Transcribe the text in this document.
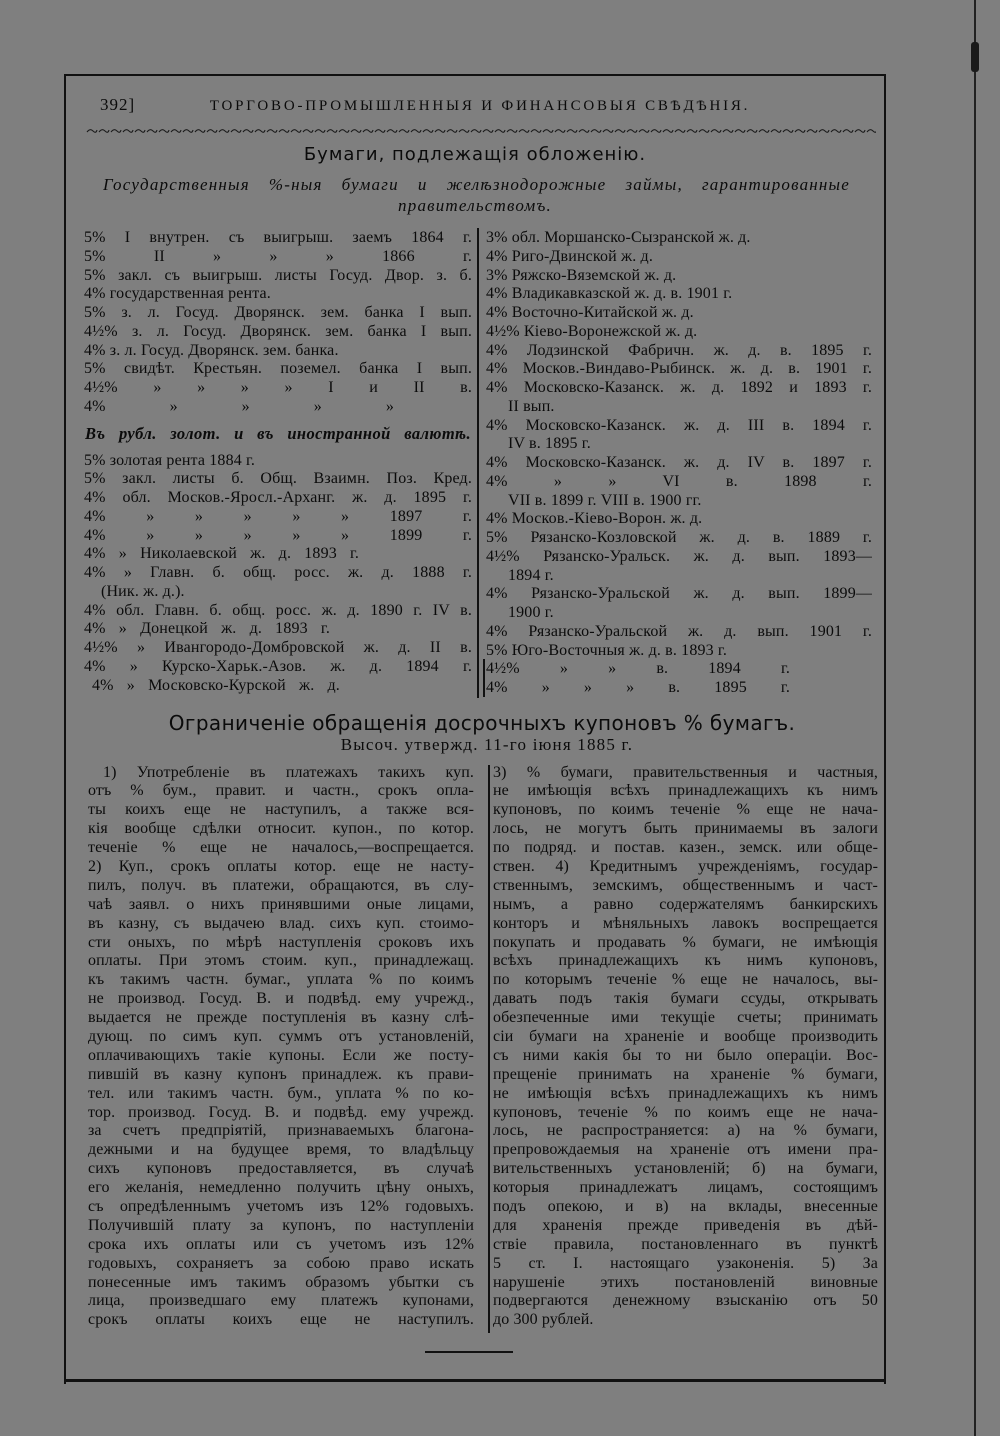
392]	ТОРГОВО-ПРОМЫШЛЕННЫЯ И ФИНАНСОВЫЯ СВѢДѢНІЯ.
Бумаги, подлежащія обложенію.
Государственныя %-ныя бумаги и желѣзнодорожные займы, гарантированные
правительствомъ.
5% I внутрен. съ выигрыш. заемъ 1864 г.
5% II » » » 1866 г.
5% закл. съ выигрыш. листы Госуд. Двор. з. б.
4% государственная рента.
5% з. л. Госуд. Дворянск. зем. банка I вып.
4½% з. л. Госуд. Дворянск. зем. банка I вып.
4% з. л. Госуд. Дворянск. зем. банка.
5% свидѣт. Крестьян. поземел. банка I вып.
4½% » » » » I и II в.
4% » » » »
Въ рубл. золот. и въ иностранной валютѣ.
5% золотая рента 1884 г.
5% закл. листы б. Общ. Взаимн. Поз. Кред.
4% обл. Москов.-Яросл.-Арханг. ж. д. 1895 г.
4% » » » » » 1897 г.
4% » » » » » 1899 г.
4% » Николаевской ж. д. 1893 г.
4% » Главн. б. общ. росс. ж. д. 1888 г.
(Ник. ж. д.).
4% обл. Главн. б. общ. росс. ж. д. 1890 г. IV в.
4% » Донецкой ж. д. 1893 г.
4½% » Ивангородо-Домбровской ж. д. II в.
4% » Курско-Харьк.-Азов. ж. д. 1894 г.
4% » Московско-Курской ж. д.
3% обл. Моршанско-Сызранской ж. д.
4% Риго-Двинской ж. д.
3% Ряжско-Вяземской ж. д.
4% Владикавказской ж. д. в. 1901 г.
4% Восточно-Китайской ж. д.
4½% Кіево-Воронежской ж. д.
4% Лодзинской Фабричн. ж. д. в. 1895 г.
4% Москов.-Виндаво-Рыбинск. ж. д. в. 1901 г.
4% Московско-Казанск. ж. д. 1892 и 1893 г.
II вып.
4% Московско-Казанск. ж. д. III в. 1894 г.
IV в. 1895 г.
4% Московско-Казанск. ж. д. IV в. 1897 г.
4% » » VI в. 1898 г.
VII в. 1899 г. VIII в. 1900 гг.
4% Москов.-Кіево-Ворон. ж. д.
5% Рязанско-Козловской ж. д. в. 1889 г.
4½% Рязанско-Уральск. ж. д. вып. 1893—
1894 г.
4% Рязанско-Уральской ж. д. вып. 1899—
1900 г.
4% Рязанско-Уральской ж. д. вып. 1901 г.
5% Юго-Восточныя ж. д. в. 1893 г.
4½% » » в. 1894 г.
4% » » » в. 1895 г.
Ограниченіе обращенія досрочныхъ купоновъ % бумагъ.
Высоч. утвержд. 11-го іюня 1885 г.
1) Употребленіе въ платежахъ такихъ куп.
отъ % бум., правит. и частн., срокъ опла-
ты коихъ еще не наступилъ, а также вся-
кія вообще сдѣлки относит. купон., по котор.
теченіе % еще не началось,—воспрещается.
2) Куп., срокъ оплаты котор. еще не насту-
пилъ, получ. въ платежи, обращаются, въ слу-
чаѣ заявл. о нихъ принявшими оные лицами,
въ казну, съ выдачею влад. сихъ куп. стоимо-
сти оныхъ, по мѣрѣ наступленія сроковъ ихъ
оплаты. При этомъ стоим. куп., принадлежащ.
къ такимъ частн. бумаг., уплата % по коимъ
не производ. Госуд. В. и подвѣд. ему учрежд.,
выдается не прежде поступленія въ казну слѣ-
дующ. по симъ куп. суммъ отъ установленій,
оплачивающихъ такіе купоны. Если же посту-
пившій въ казну купонъ принадлеж. къ прави-
тел. или такимъ частн. бум., уплата % по ко-
тор. производ. Госуд. В. и подвѣд. ему учрежд.
за счетъ предпріятій, признаваемыхъ благона-
дежными и на будущее время, то владѣльцу
сихъ купоновъ предоставляется, въ случаѣ
его желанія, немедленно получить цѣну оныхъ,
съ опредѣленнымъ учетомъ изъ 12% годовыхъ.
Получившій плату за купонъ, по наступленіи
срока ихъ оплаты или съ учетомъ изъ 12%
годовыхъ, сохраняетъ за собою право искать
понесенные имъ такимъ образомъ убытки съ
лица, произведшаго ему платежъ купонами,
срокъ оплаты коихъ еще не наступилъ.
3) % бумаги, правительственныя и частныя,
не имѣющія всѣхъ принадлежащихъ къ нимъ
купоновъ, по коимъ теченіе % еще не нача-
лось, не могутъ быть принимаемы въ залоги
по подряд. и постав. казен., земск. или обще-
ствен. 4) Кредитнымъ учрежденіямъ, государ-
ственнымъ, земскимъ, общественнымъ и част-
нымъ, а равно содержателямъ банкирскихъ
конторъ и мѣняльныхъ лавокъ воспрещается
покупать и продавать % бумаги, не имѣющія
всѣхъ принадлежащихъ къ нимъ купоновъ,
по которымъ теченіе % еще не началось, вы-
давать подъ такія бумаги ссуды, открывать
обезпеченные ими текущіе счеты; принимать
сіи бумаги на храненіе и вообще производить
съ ними какія бы то ни было операціи. Вос-
прещеніе принимать на храненіе % бумаги,
не имѣющія всѣхъ принадлежащихъ къ нимъ
купоновъ, теченіе % по коимъ еще не нача-
лось, не распространяется: а) на % бумаги,
препровождаемыя на храненіе отъ имени пра-
вительственныхъ установленій; б) на бумаги,
которыя принадлежатъ лицамъ, состоящимъ
подъ опекою, и в) на вклады, внесенные
для храненія прежде приведенія въ дѣй-
ствіе правила, постановленнаго въ пунктѣ
5 ст. I. настоящаго узаконенія. 5) За
нарушеніе этихъ постановленій виновные
подвергаются денежному взысканію отъ 50
до 300 рублей.
